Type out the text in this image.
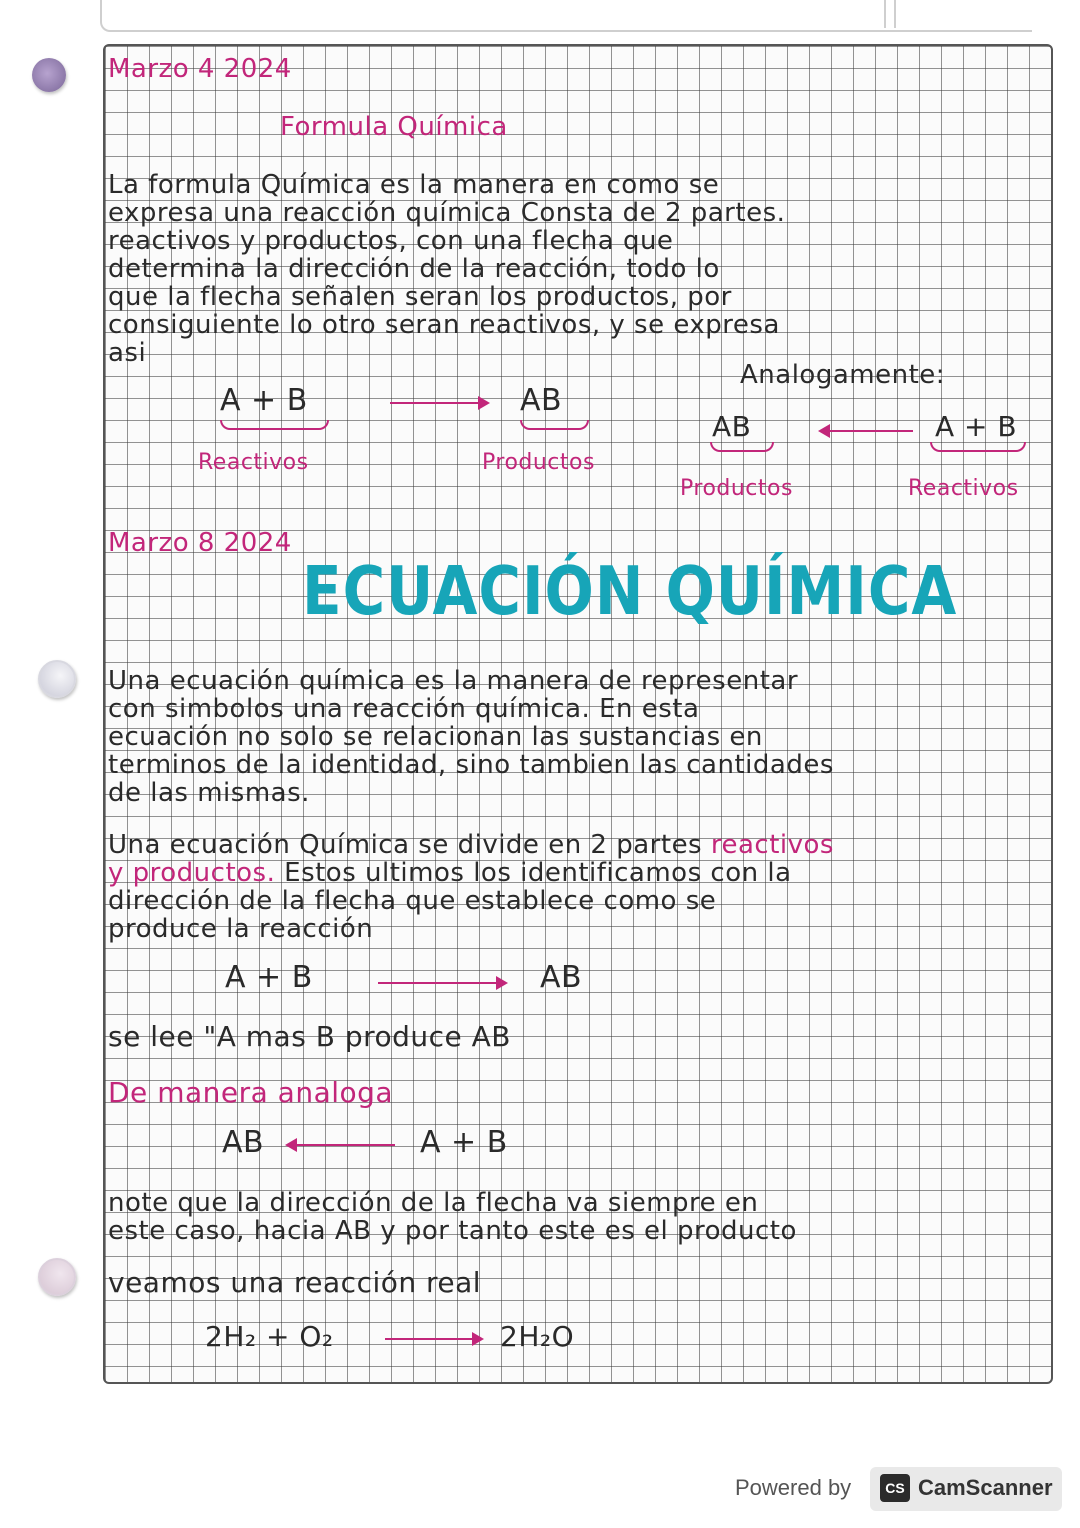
Marzo 4 2024
Formula Química
La formula Química es la manera en como se
expresa una reacción química Consta de 2 partes.
reactivos y productos, con una flecha que
determina la dirección de la reacción, todo lo
que la flecha señalen seran los productos, por
consiguiente lo otro seran reactivos, y se expresa
asi
Analogamente:
A + B	AB
Reactivos	Productos
AB	A + B
Productos	Reactivos
Marzo 8 2024
ECUACIÓN QUÍMICA
Una ecuación química es la manera de representar
con simbolos una reacción química. En esta
ecuación no solo se relacionan las sustancias en
terminos de la identidad, sino tambien las cantidades
de las mismas.
Una ecuación Química se divide en 2 partes reactivos
y productos. Estos ultimos los identificamos con la
dirección de la flecha que establece como se
produce la reacción
A + B	AB
se lee "A mas B produce AB
De manera analoga
AB	A + B
note que la dirección de la flecha va siempre en
este caso, hacia AB y por tanto este es el producto
veamos una reacción real
2H₂ + O₂	2H₂O
Powered by	CS CamScanner
